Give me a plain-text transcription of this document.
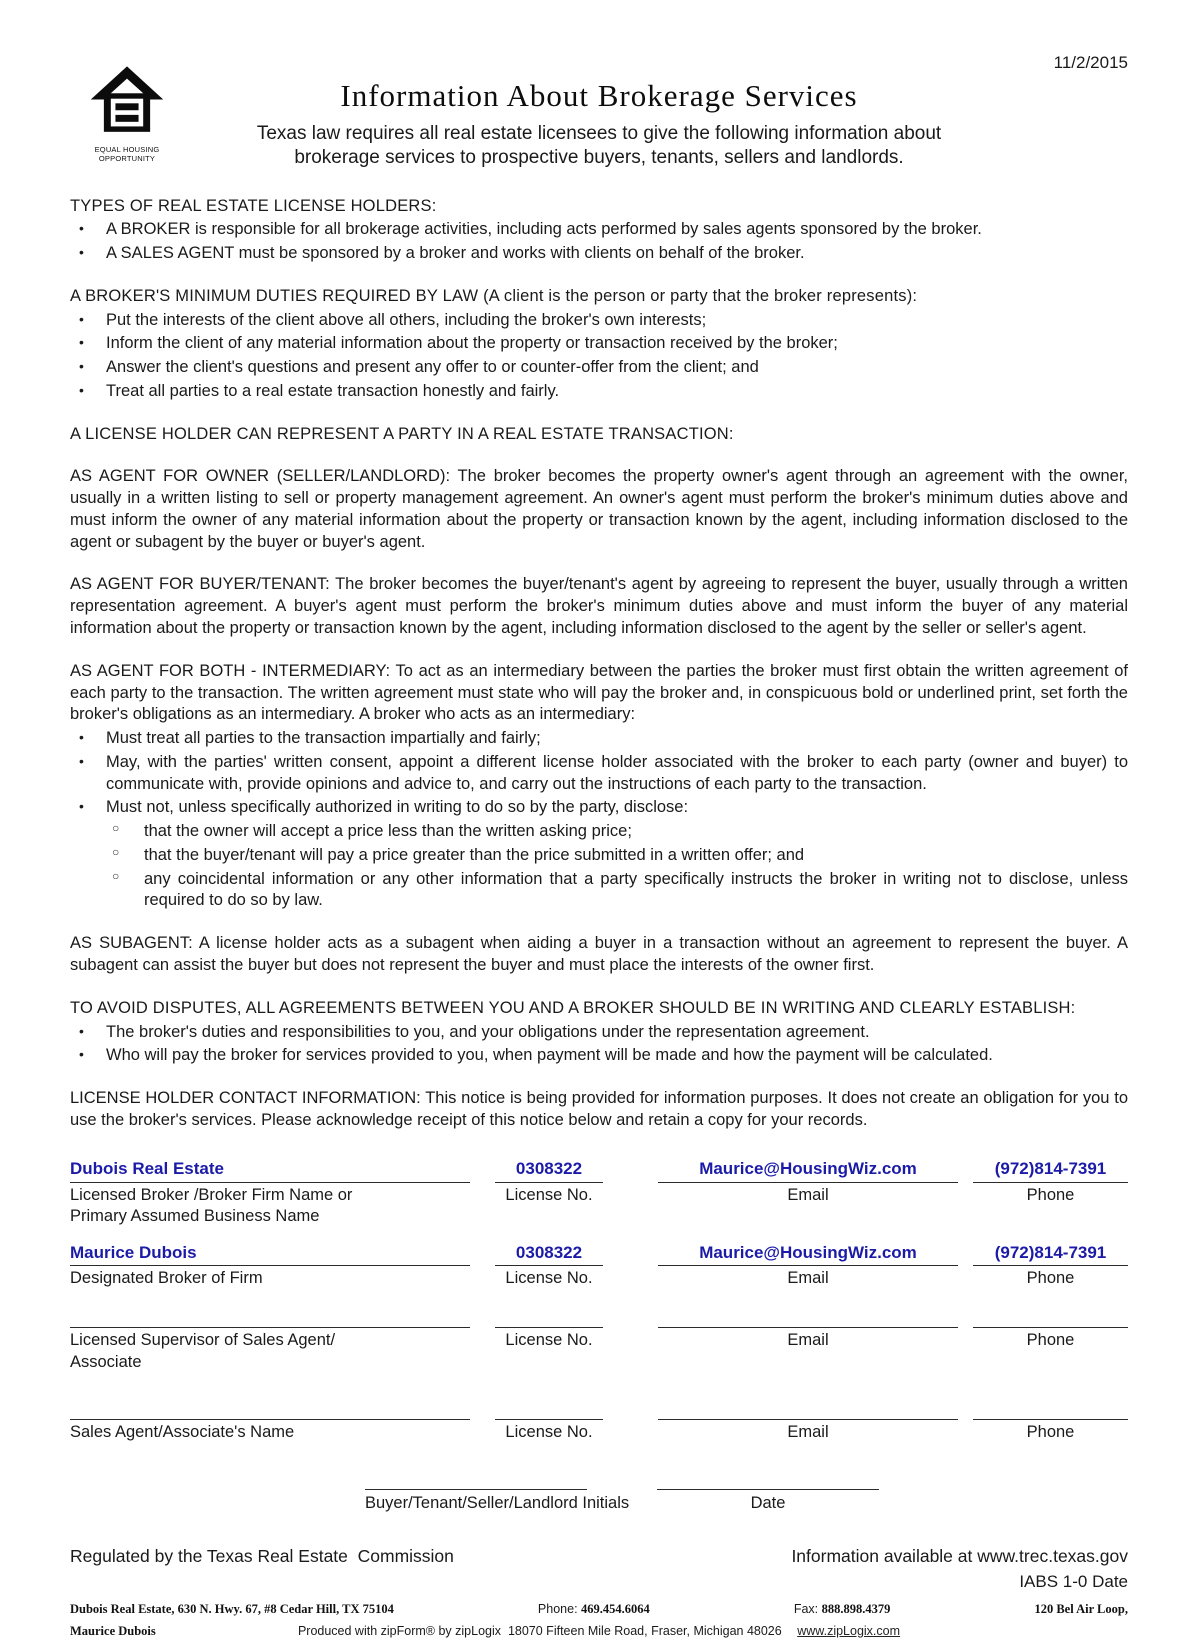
11/2/2015
EQUAL HOUSING
OPPORTUNITY
Information About Brokerage Services
Texas law requires all real estate licensees to give the following information about
brokerage services to prospective buyers, tenants, sellers and landlords.
TYPES OF REAL ESTATE LICENSE HOLDERS:
•	A BROKER is responsible for all brokerage activities, including acts performed by sales agents sponsored by the broker.
•	A SALES AGENT must be sponsored by a broker and works with clients on behalf of the broker.
A BROKER'S MINIMUM DUTIES REQUIRED BY LAW (A client is the person or party that the broker represents):
•	Put the interests of the client above all others, including the broker's own interests;
•	Inform the client of any material information about the property or transaction received by the broker;
•	Answer the client's questions and present any offer to or counter-offer from the client; and
•	Treat all parties to a real estate transaction honestly and fairly.
A LICENSE HOLDER CAN REPRESENT A PARTY IN A REAL ESTATE TRANSACTION:
AS AGENT FOR OWNER (SELLER/LANDLORD): The broker becomes the property owner's agent through an agreement with the owner, usually in a written listing to sell or property management agreement. An owner's agent must perform the broker's minimum duties above and must inform the owner of any material information about the property or transaction known by the agent, including information disclosed to the agent or subagent by the buyer or buyer's agent.
AS AGENT FOR BUYER/TENANT: The broker becomes the buyer/tenant's agent by agreeing to represent the buyer, usually through a written representation agreement. A buyer's agent must perform the broker's minimum duties above and must inform the buyer of any material information about the property or transaction known by the agent, including information disclosed to the agent by the seller or seller's agent.
AS AGENT FOR BOTH - INTERMEDIARY: To act as an intermediary between the parties the broker must first obtain the written agreement of each party to the transaction. The written agreement must state who will pay the broker and, in conspicuous bold or underlined print, set forth the broker's obligations as an intermediary. A broker who acts as an intermediary:
•	Must treat all parties to the transaction impartially and fairly;
•	May, with the parties' written consent, appoint a different license holder associated with the broker to each party (owner and buyer) to communicate with, provide opinions and advice to, and carry out the instructions of each party to the transaction.
•	Must not, unless specifically authorized in writing to do so by the party, disclose:
○	that the owner will accept a price less than the written asking price;
○	that the buyer/tenant will pay a price greater than the price submitted in a written offer; and
○	any coincidental information or any other information that a party specifically instructs the broker in writing not to disclose, unless required to do so by law.
AS SUBAGENT: A license holder acts as a subagent when aiding a buyer in a transaction without an agreement to represent the buyer. A subagent can assist the buyer but does not represent the buyer and must place the interests of the owner first.
TO AVOID DISPUTES, ALL AGREEMENTS BETWEEN YOU AND A BROKER SHOULD BE IN WRITING AND CLEARLY ESTABLISH:
•	The broker's duties and responsibilities to you, and your obligations under the representation agreement.
•	Who will pay the broker for services provided to you, when payment will be made and how the payment will be calculated.
LICENSE HOLDER CONTACT INFORMATION: This notice is being provided for information purposes. It does not create an obligation for you to use the broker's services. Please acknowledge receipt of this notice below and retain a copy for your records.
Dubois Real Estate	0308322	Maurice@HousingWiz.com	(972)814-7391
Licensed Broker /Broker Firm Name or Primary Assumed Business Name
License No.	Email	Phone
Maurice Dubois	0308322	Maurice@HousingWiz.com	(972)814-7391
Designated Broker of Firm	License No.	Email	Phone
Licensed Supervisor of Sales Agent/ Associate
License No.	Email	Phone
Sales Agent/Associate's Name	License No.	Email	Phone
Buyer/Tenant/Seller/Landlord Initials	Date
Regulated by the Texas Real Estate  Commission	Information available at www.trec.texas.gov
IABS 1-0 Date
Dubois Real Estate, 630 N. Hwy. 67, #8 Cedar Hill, TX 75104	Phone: 469.454.6064	Fax: 888.898.4379	120 Bel Air Loop,
Maurice Dubois	Produced with zipForm® by zipLogix  18070 Fifteen Mile Road, Fraser, Michigan 48026 www.zipLogix.com
